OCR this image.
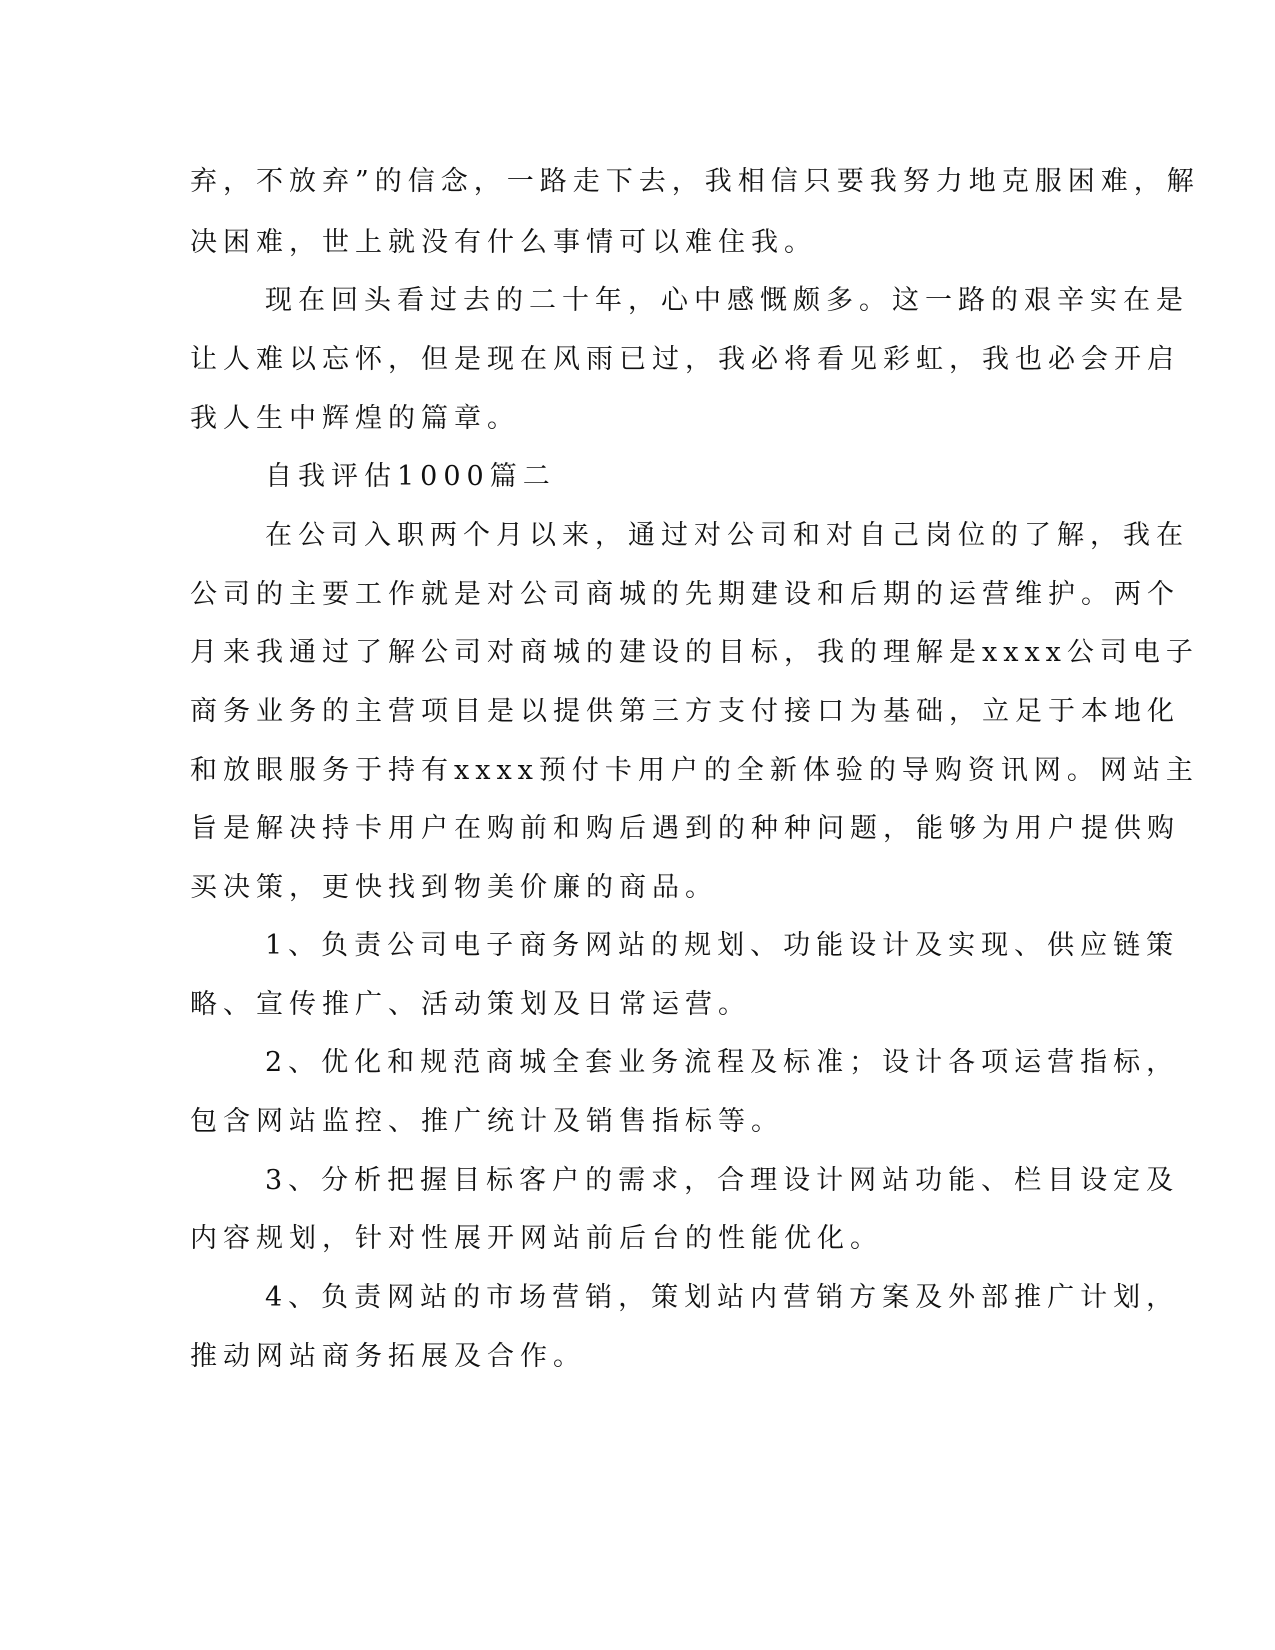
弃，不放弃”的信念，一路走下去，我相信只要我努力地克服困难，解
决困难，世上就没有什么事情可以难住我。
现在回头看过去的二十年，心中感慨颇多。这一路的艰辛实在是
让人难以忘怀，但是现在风雨已过，我必将看见彩虹，我也必会开启
我人生中辉煌的篇章。
自我评估1000篇二
在公司入职两个月以来，通过对公司和对自己岗位的了解，我在
公司的主要工作就是对公司商城的先期建设和后期的运营维护。两个
月来我通过了解公司对商城的建设的目标，我的理解是xxxx公司电子
商务业务的主营项目是以提供第三方支付接口为基础，立足于本地化
和放眼服务于持有xxxx预付卡用户的全新体验的导购资讯网。网站主
旨是解决持卡用户在购前和购后遇到的种种问题，能够为用户提供购
买决策，更快找到物美价廉的商品。
1、负责公司电子商务网站的规划、功能设计及实现、供应链策
略、宣传推广、活动策划及日常运营。
2、优化和规范商城全套业务流程及标准；设计各项运营指标，
包含网站监控、推广统计及销售指标等。
3、分析把握目标客户的需求，合理设计网站功能、栏目设定及
内容规划，针对性展开网站前后台的性能优化。
4、负责网站的市场营销，策划站内营销方案及外部推广计划，
推动网站商务拓展及合作。
